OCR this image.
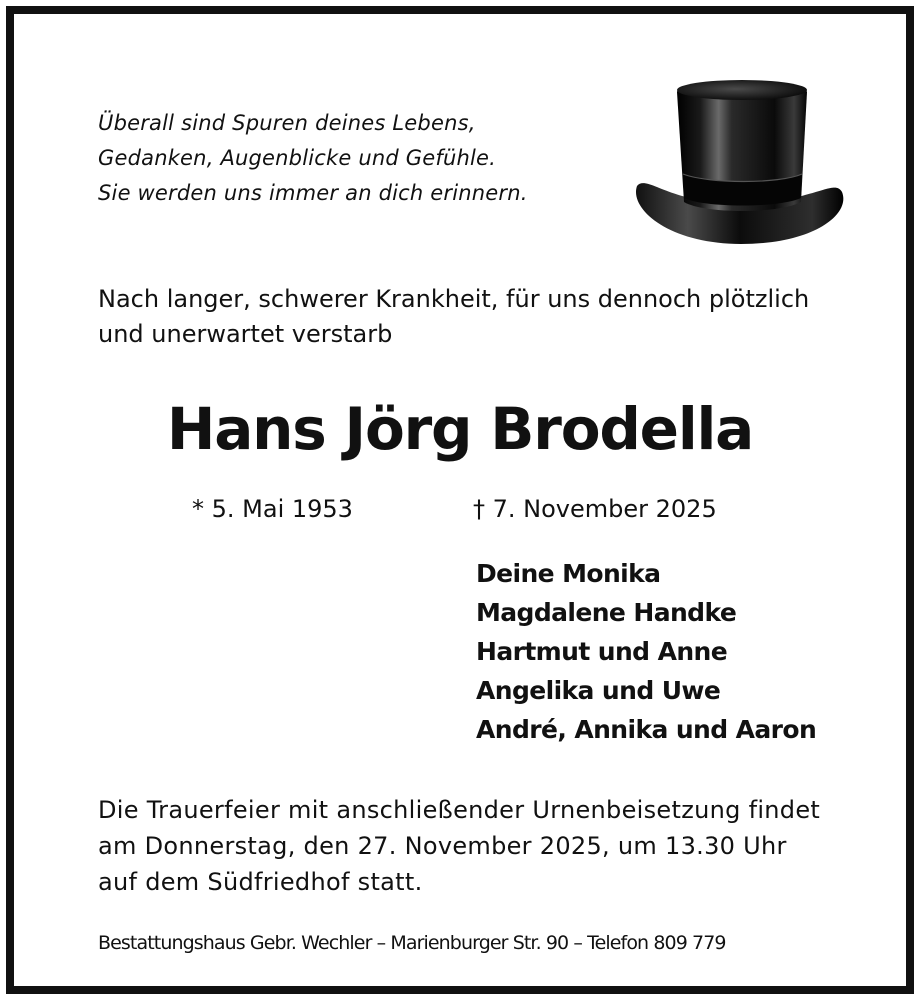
Überall sind Spuren deines Lebens,
Gedanken, Augenblicke und Gefühle.
Sie werden uns immer an dich erinnern.
Nach langer, schwerer Krankheit, für uns dennoch plötzlich
und unerwartet verstarb
Hans Jörg Brodella
* 5. Mai 1953	† 7. November 2025
Deine Monika
Magdalene Handke
Hartmut und Anne
Angelika und Uwe
André, Annika und Aaron
Die Trauerfeier mit anschließender Urnenbeisetzung findet
am Donnerstag, den 27. November 2025, um 13.30 Uhr
auf dem Südfriedhof statt.
Bestattungshaus Gebr. Wechler – Marienburger Str. 90 – Telefon 809 779
